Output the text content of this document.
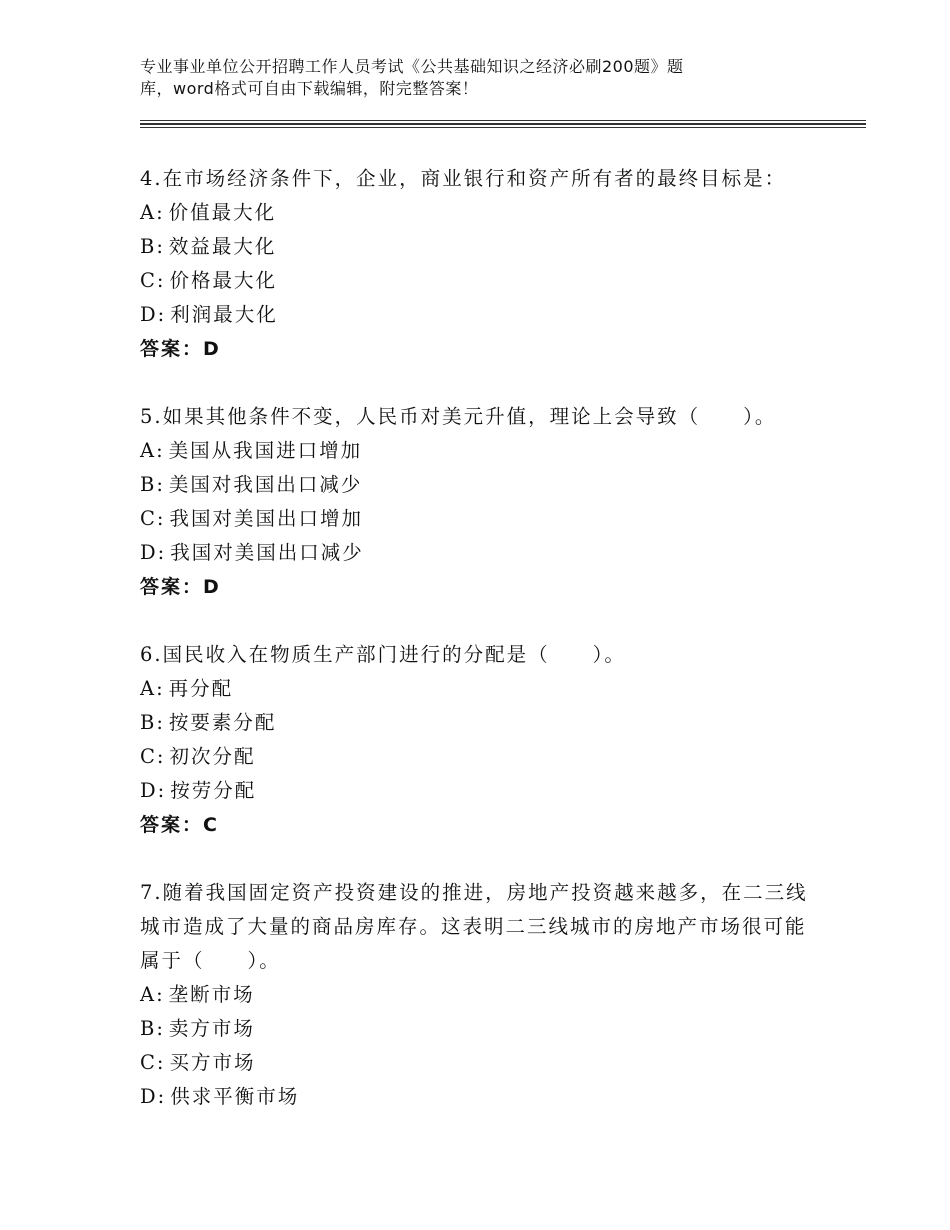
专业事业单位公开招聘工作人员考试《公共基础知识之经济必刷200题》题
库，word格式可自由下载编辑，附完整答案！
4.在市场经济条件下，企业，商业银行和资产所有者的最终目标是：
A: 价值最大化
B: 效益最大化
C: 价格最大化
D: 利润最大化
答案：D
5.如果其他条件不变，人民币对美元升值，理论上会导致（　　）。
A: 美国从我国进口增加
B: 美国对我国出口减少
C: 我国对美国出口增加
D: 我国对美国出口减少
答案：D
6.国民收入在物质生产部门进行的分配是（　　）。
A: 再分配
B: 按要素分配
C: 初次分配
D: 按劳分配
答案：C
7.随着我国固定资产投资建设的推进，房地产投资越来越多，在二三线城市造成了大量的商品房库存。这表明二三线城市的房地产市场很可能属于（　　）。
A: 垄断市场
B: 卖方市场
C: 买方市场
D: 供求平衡市场
